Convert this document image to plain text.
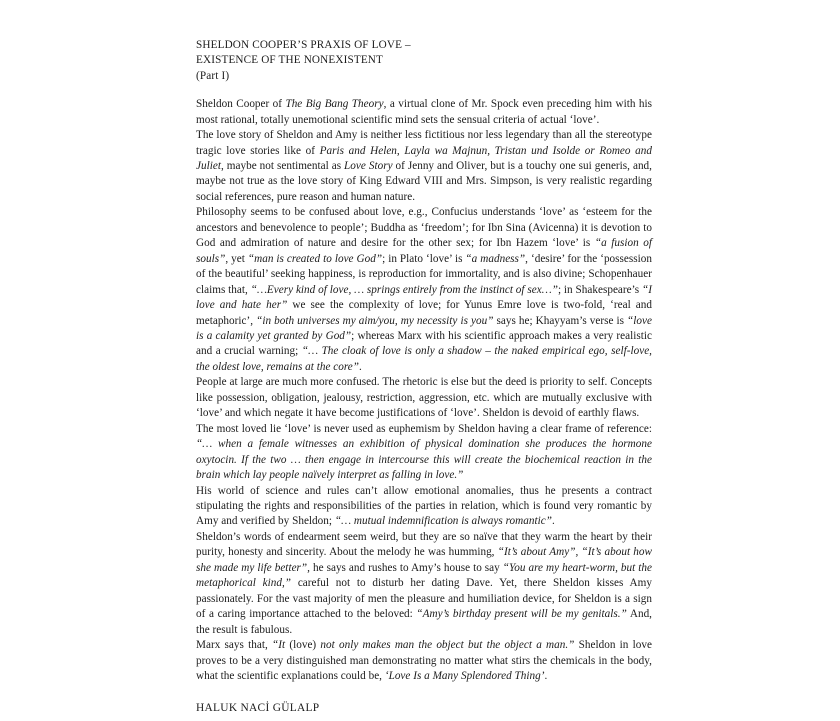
SHELDON COOPER’S PRAXIS OF LOVE –
EXISTENCE OF THE NONEXISTENT
(Part I)

Sheldon Cooper of The Big Bang Theory, a virtual clone of Mr. Spock even preceding him with his most rational, totally unemotional scientific mind sets the sensual criteria of actual ‘love’.

The love story of Sheldon and Amy is neither less fictitious nor less legendary than all the stereotype tragic love stories like of Paris and Helen, Layla wa Majnun, Tristan und Isolde or Romeo and Juliet, maybe not sentimental as Love Story of Jenny and Oliver, but is a touchy one sui generis, and, maybe not true as the love story of King Edward VIII and Mrs. Simpson, is very realistic regarding social references, pure reason and human nature.

Philosophy seems to be confused about love, e.g., Confucius understands ‘love’ as ‘esteem for the ancestors and benevolence to people’; Buddha as ‘freedom’; for Ibn Sina (Avicenna) it is devotion to God and admiration of nature and desire for the other sex; for Ibn Hazem ‘love’ is “a fusion of souls”, yet “man is created to love God”; in Plato ‘love’ is “a madness”, ‘desire’ for the ‘possession of the beautiful’ seeking happiness, is reproduction for immortality, and is also divine; Schopenhauer claims that, “…Every kind of love, … springs entirely from the instinct of sex…”; in Shakespeare’s “I love and hate her” we see the complexity of love; for Yunus Emre love is two-fold, ‘real and metaphoric’, “in both universes my aim/you, my necessity is you” says he; Khayyam’s verse is “love is a calamity yet granted by God”; whereas Marx with his scientific approach makes a very realistic and a crucial warning; “… The cloak of love is only a shadow – the naked empirical ego, self-love, the oldest love, remains at the core”.

People at large are much more confused. The rhetoric is else but the deed is priority to self. Concepts like possession, obligation, jealousy, restriction, aggression, etc. which are mutually exclusive with ‘love’ and which negate it have become justifications of ‘love’. Sheldon is devoid of earthly flaws.

The most loved lie ‘love’ is never used as euphemism by Sheldon having a clear frame of reference: “… when a female witnesses an exhibition of physical domination she produces the hormone oxytocin. If the two … then engage in intercourse this will create the biochemical reaction in the brain which lay people naïvely interpret as falling in love.”

His world of science and rules can’t allow emotional anomalies, thus he presents a contract stipulating the rights and responsibilities of the parties in relation, which is found very romantic by Amy and verified by Sheldon; “… mutual indemnification is always romantic”.

Sheldon’s words of endearment seem weird, but they are so naïve that they warm the heart by their purity, honesty and sincerity. About the melody he was humming, “It’s about Amy”, “It’s about how she made my life better”, he says and rushes to Amy’s house to say “You are my heart-worm, but the metaphorical kind,” careful not to disturb her dating Dave. Yet, there Sheldon kisses Amy passionately. For the vast majority of men the pleasure and humiliation device, for Sheldon is a sign of a caring importance attached to the beloved: “Amy’s birthday present will be my genitals.” And, the result is fabulous.

Marx says that, “It (love) not only makes man the object but the object a man.” Sheldon in love proves to be a very distinguished man demonstrating no matter what stirs the chemicals in the body, what the scientific explanations could be, ‘Love Is a Many Splendored Thing’.

HALUK NACİ GÜLALP
